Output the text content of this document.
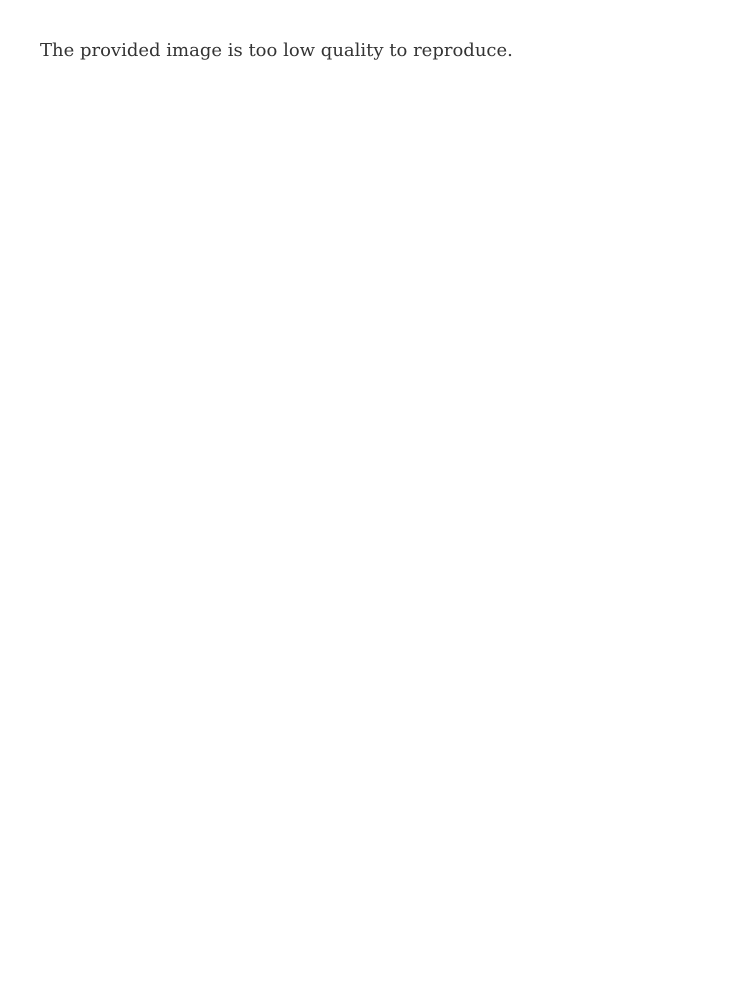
The provided image is too low quality to reproduce.
